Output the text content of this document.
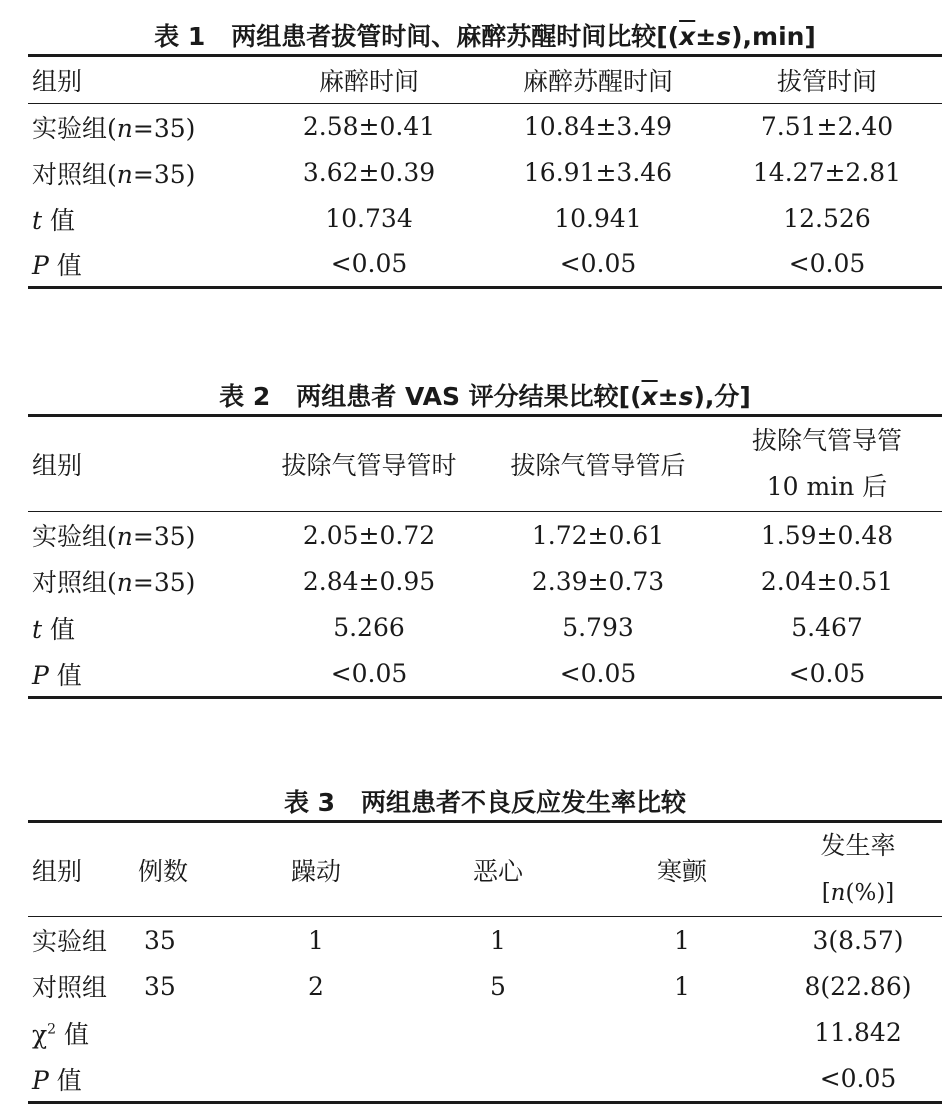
表 1 两组患者拔管时间、麻醉苏醒时间比较$[(\overline{x}\pm s),\min]$
组别	麻醉时间	麻醉苏醒时间	拔管时间
实验组(n=35)	2.58±0.41	10.84±3.49	7.51±2.40
对照组(n=35)	3.62±0.39	16.91±3.46	14.27±2.81
t 值	10.734	10.941	12.526
P 值	<0.05	<0.05	<0.05
表 2 两组患者 VAS 评分结果比较[$(\overline{x}\pm s)$,分]
组别	拔除气管导管时	拔除气管导管后	拔除气管导管
10 min 后
实验组(n=35)	2.05±0.72	1.72±0.61	1.59±0.48
对照组(n=35)	2.84±0.95	2.39±0.73	2.04±0.51
t 值	5.266	5.793	5.467
P 值	<0.05	<0.05	<0.05
表 3 两组患者不良反应发生率比较
组别	例数	躁动	恶心	寒颤	发生率
[n(%)]
实验组	35	1	1	1	3(8.57)
对照组	35	2	5	1	8(22.86)
$\chi^2$ 值					11.842
P 值					<0.05
